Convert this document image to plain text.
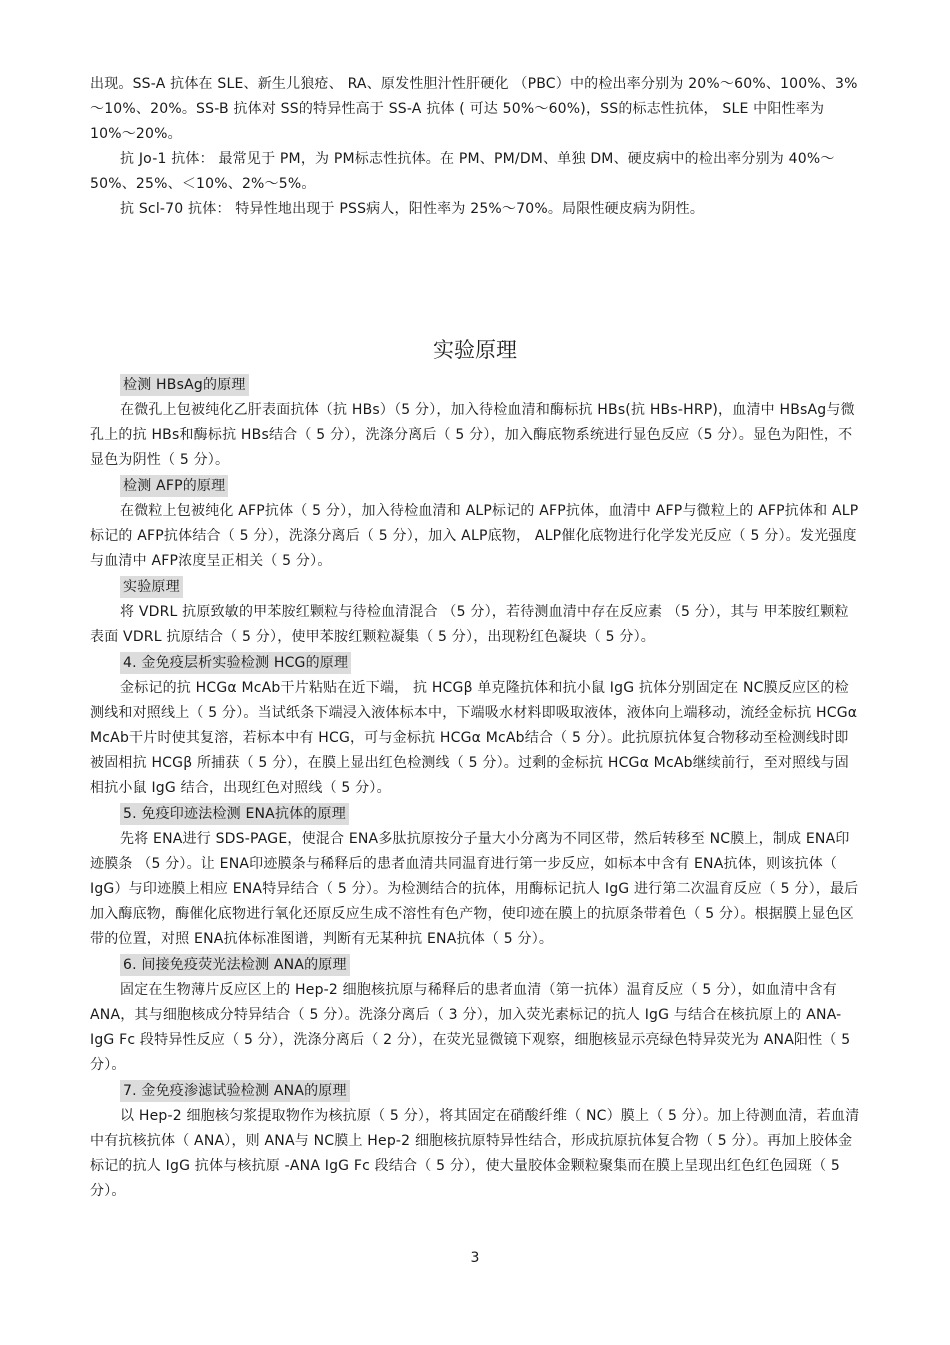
出现。SS-A 抗体在 SLE、新生儿狼疮、 RA、原发性胆汁性肝硬化 （PBC）中的检出率分别为 20%～60%、100%、3%～10%、20%。SS-B 抗体对 SS的特异性高于 SS-A 抗体 ( 可达 50%～60%)，SS的标志性抗体， SLE 中阳性率为 10%～20%。

抗 Jo-1 抗体： 最常见于 PM，为 PM标志性抗体。在 PM、PM/DM、单独 DM、硬皮病中的检出率分别为 40%～50%、25%、＜10%、2%～5%。

抗 Scl-70 抗体： 特异性地出现于 PSS病人，阳性率为 25%～70%。局限性硬皮病为阴性。

实验原理
检测 HBsAg的原理

在微孔上包被纯化乙肝表面抗体（抗 HBs）（5 分），加入待检血清和酶标抗 HBs(抗 HBs-HRP)，血清中 HBsAg与微孔上的抗 HBs和酶标抗 HBs结合（ 5 分），洗涤分离后（ 5 分），加入酶底物系统进行显色反应（5 分）。显色为阳性，不显色为阴性（ 5 分）。

检测 AFP的原理

在微粒上包被纯化 AFP抗体（ 5 分），加入待检血清和 ALP标记的 AFP抗体，血清中 AFP与微粒上的 AFP抗体和 ALP标记的 AFP抗体结合（ 5 分），洗涤分离后（ 5 分），加入 ALP底物， ALP催化底物进行化学发光反应（ 5 分）。发光强度与血清中 AFP浓度呈正相关（ 5 分）。

实验原理

将 VDRL 抗原致敏的甲苯胺红颗粒与待检血清混合 （5 分），若待测血清中存在反应素 （5 分），其与 甲苯胺红颗粒表面 VDRL 抗原结合（ 5 分），使甲苯胺红颗粒凝集（ 5 分），出现粉红色凝块（ 5 分）。

4. 金免疫层析实验检测 HCG的原理

金标记的抗 HCGα McAb干片粘贴在近下端， 抗 HCGβ 单克隆抗体和抗小鼠 IgG 抗体分别固定在 NC膜反应区的检测线和对照线上（ 5 分）。当试纸条下端浸入液体标本中，下端吸水材料即吸取液体，液体向上端移动，流经金标抗 HCGα McAb干片时使其复溶，若标本中有 HCG，可与金标抗 HCGα McAb结合（ 5 分）。此抗原抗体复合物移动至检测线时即被固相抗 HCGβ 所捕获（ 5 分），在膜上显出红色检测线（ 5 分）。过剩的金标抗 HCGα McAb继续前行，至对照线与固相抗小鼠 IgG 结合，出现红色对照线（ 5 分）。

5. 免疫印迹法检测 ENA抗体的原理

先将 ENA进行 SDS-PAGE，使混合 ENA多肽抗原按分子量大小分离为不同区带，然后转移至 NC膜上，制成 ENA印迹膜条 （5 分）。让 ENA印迹膜条与稀释后的患者血清共同温育进行第一步反应，如标本中含有 ENA抗体，则该抗体（ IgG）与印迹膜上相应 ENA特异结合（ 5 分）。为检测结合的抗体，用酶标记抗人 IgG 进行第二次温育反应（ 5 分），最后加入酶底物，酶催化底物进行氧化还原反应生成不溶性有色产物，使印迹在膜上的抗原条带着色（ 5 分）。根据膜上显色区带的位置，对照 ENA抗体标准图谱，判断有无某种抗 ENA抗体（ 5 分）。

6. 间接免疫荧光法检测 ANA的原理

固定在生物薄片反应区上的 Hep-2 细胞核抗原与稀释后的患者血清（第一抗体）温育反应（ 5 分），如血清中含有 ANA，其与细胞核成分特异结合（ 5 分）。洗涤分离后（ 3 分），加入荧光素标记的抗人 IgG 与结合在核抗原上的 ANA-IgG Fc 段特异性反应（ 5 分），洗涤分离后（ 2 分），在荧光显微镜下观察，细胞核显示亮绿色特异荧光为 ANA阳性（ 5 分）。

7. 金免疫渗滤试验检测 ANA的原理

以 Hep-2 细胞核匀浆提取物作为核抗原（ 5 分），将其固定在硝酸纤维（ NC）膜上（ 5 分）。加上待测血清，若血清中有抗核抗体（ ANA），则 ANA与 NC膜上 Hep-2 细胞核抗原特异性结合，形成抗原抗体复合物（ 5 分）。再加上胶体金标记的抗人 IgG 抗体与核抗原 -ANA IgG Fc 段结合（ 5 分），使大量胶体金颗粒聚集而在膜上呈现出红色红色园斑（ 5 分）。

3
